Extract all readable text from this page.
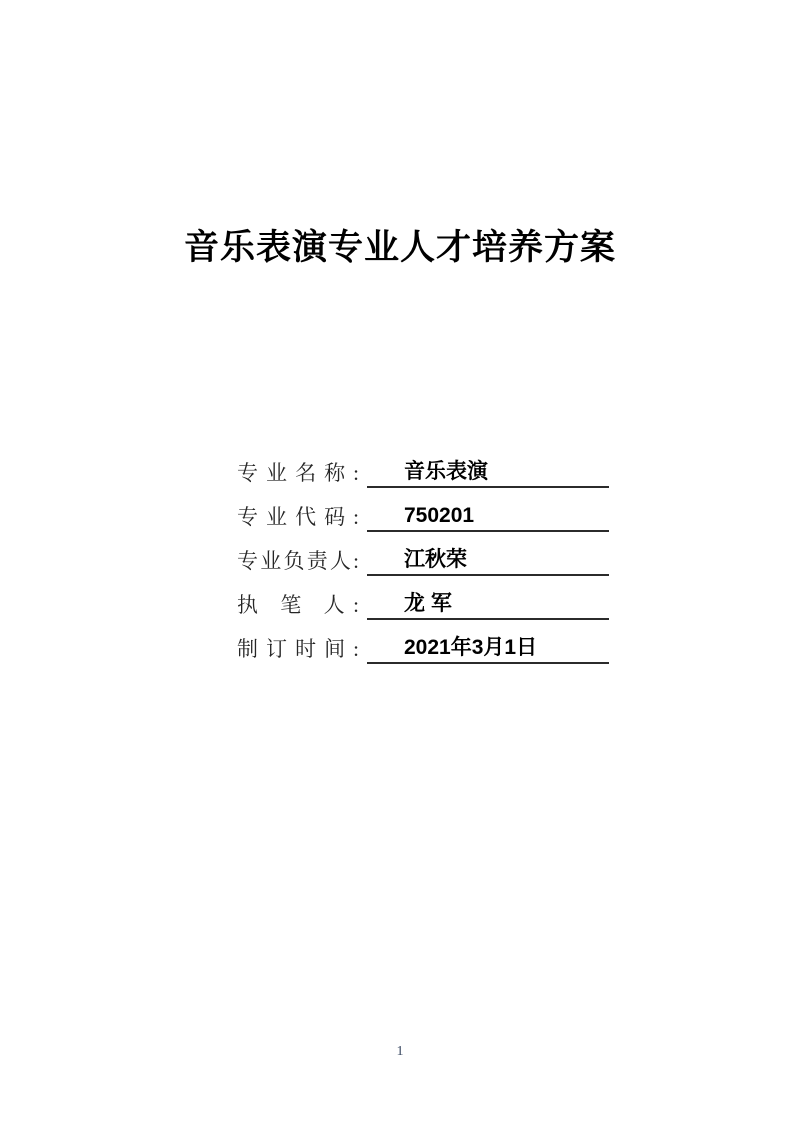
音乐表演专业人才培养方案
专业名称:	音乐表演
专业代码:	750201
专业负责人:	江秋荣
执 笔 人:	龙 军
制订时间:	2021年3月1日
1
